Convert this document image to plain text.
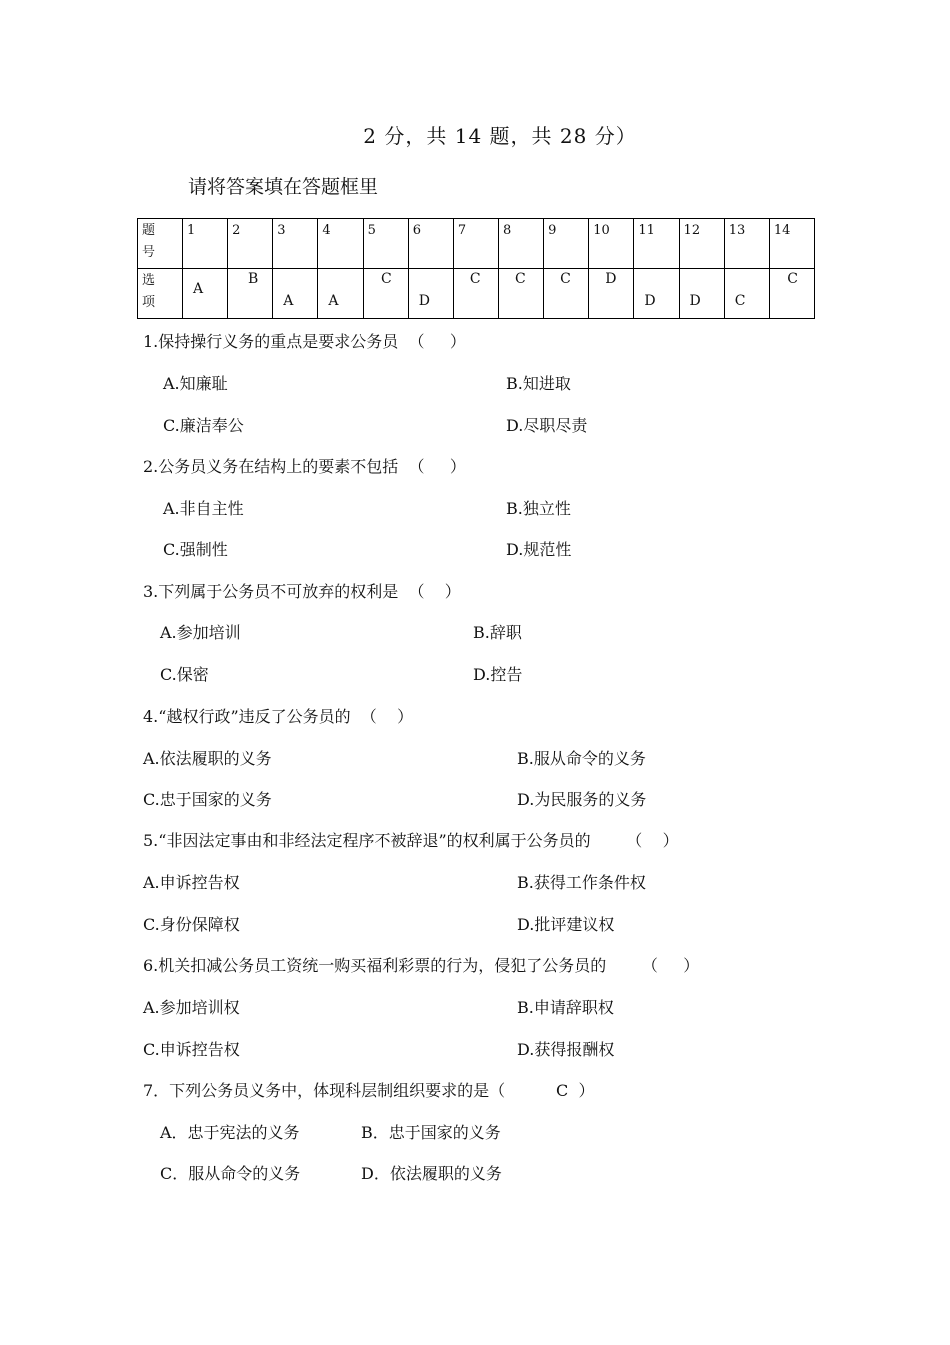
2 分，共 14 题，共 28 分）
请将答案填在答题框里
题
号	1	2	3	4	5	6	7	8	9	10	11	12	13	14

选
项	A	B	A	A	C	D	C	C	C	D	D	D	C	C
1.保持操行义务的重点是要求公务员  （     ）
A.知廉耻	B.知进取
C.廉洁奉公	D.尽职尽责
2.公务员义务在结构上的要素不包括  （     ）
A.非自主性	B.独立性
C.强制性	D.规范性
3.下列属于公务员不可放弃的权利是  （    ）
A.参加培训	B.辞职
C.保密	D.控告
4.“越权行政”违反了公务员的  （    ）
A.依法履职的义务	B.服从命令的义务
C.忠于国家的义务	D.为民服务的义务
5.“非因法定事由和非经法定程序不被辞退”的权利属于公务员的       （    ）
A.申诉控告权	B.获得工作条件权
C.身份保障权	D.批评建议权
6.机关扣减公务员工资统一购买福利彩票的行为，侵犯了公务员的       （     ）
A.参加培训权	B.申请辞职权
C.申诉控告权	D.获得报酬权
7．下列公务员义务中，体现科层制组织要求的是（          C  ）
A．忠于宪法的义务	B．忠于国家的义务
C．服从命令的义务	D．依法履职的义务
